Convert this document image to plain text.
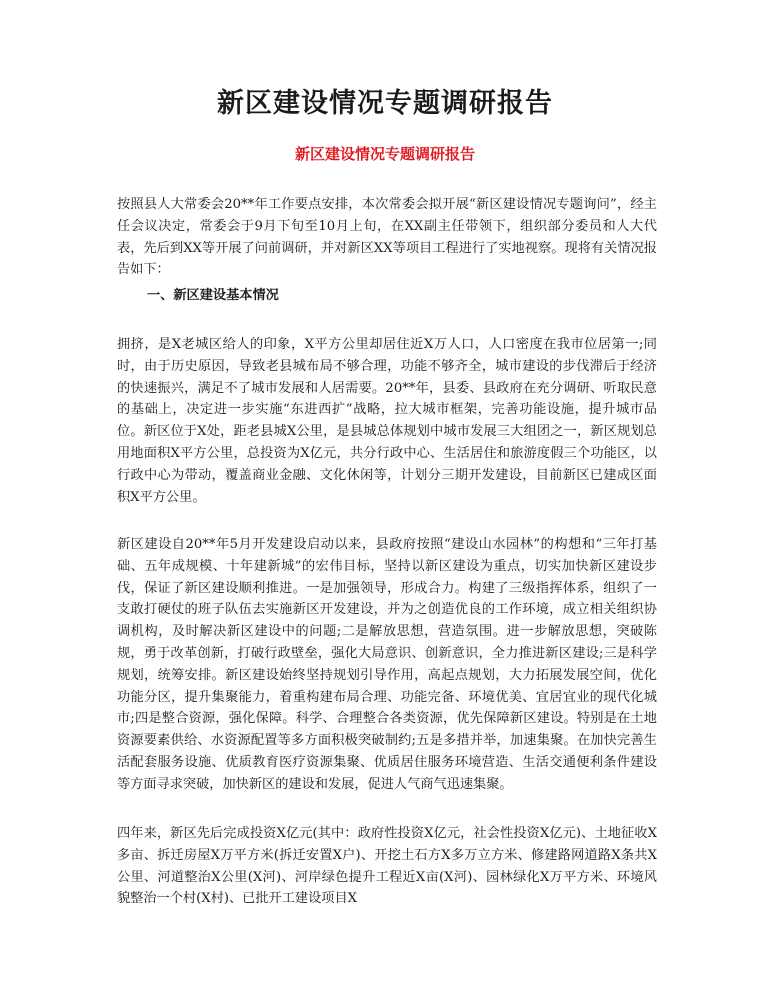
新区建设情况专题调研报告
新区建设情况专题调研报告

按照县人大常委会20**年工作要点安排，本次常委会拟开展“新区建设情况专题询问”，经主任会议决定，常委会于9月下旬至10月上旬，在XX副主任带领下，组织部分委员和人大代表，先后到XX等开展了问前调研，并对新区XX等项目工程进行了实地视察。现将有关情况报告如下：

一、新区建设基本情况

拥挤，是X老城区给人的印象，X平方公里却居住近X万人口，人口密度在我市位居第一;同时，由于历史原因，导致老县城布局不够合理，功能不够齐全，城市建设的步伐滞后于经济的快速振兴，满足不了城市发展和人居需要。20**年，县委、县政府在充分调研、听取民意的基础上，决定进一步实施“东进西扩”战略，拉大城市框架，完善功能设施，提升城市品位。新区位于X处，距老县城X公里，是县城总体规划中城市发展三大组团之一，新区规划总用地面积X平方公里，总投资为X亿元，共分行政中心、生活居住和旅游度假三个功能区，以行政中心为带动，覆盖商业金融、文化休闲等，计划分三期开发建设，目前新区已建成区面积X平方公里。

新区建设自20**年5月开发建设启动以来，县政府按照“建设山水园林”的构想和“三年打基础、五年成规模、十年建新城”的宏伟目标，坚持以新区建设为重点，切实加快新区建设步伐，保证了新区建设顺利推进。一是加强领导，形成合力。构建了三级指挥体系，组织了一支敢打硬仗的班子队伍去实施新区开发建设，并为之创造优良的工作环境，成立相关组织协调机构，及时解决新区建设中的问题;二是解放思想，营造氛围。进一步解放思想，突破陈规，勇于改革创新，打破行政壁垒，强化大局意识、创新意识，全力推进新区建设;三是科学规划，统筹安排。新区建设始终坚持规划引导作用，高起点规划，大力拓展发展空间，优化功能分区，提升集聚能力，着重构建布局合理、功能完备、环境优美、宜居宜业的现代化城市;四是整合资源，强化保障。科学、合理整合各类资源，优先保障新区建设。特别是在土地资源要素供给、水资源配置等多方面积极突破制约;五是多措并举，加速集聚。在加快完善生活配套服务设施、优质教育医疗资源集聚、优质居住服务环境营造、生活交通便利条件建设等方面寻求突破，加快新区的建设和发展，促进人气商气迅速集聚。

四年来，新区先后完成投资X亿元(其中：政府性投资X亿元，社会性投资X亿元)、土地征收X多亩、拆迁房屋X万平方米(拆迁安置X户)、开挖土石方X多万立方米、修建路网道路X条共X公里、河道整治X公里(X河)、河岸绿色提升工程近X亩(X河)、园林绿化X万平方米、环境风貌整治一个村(X村)、已批开工建设项目X
